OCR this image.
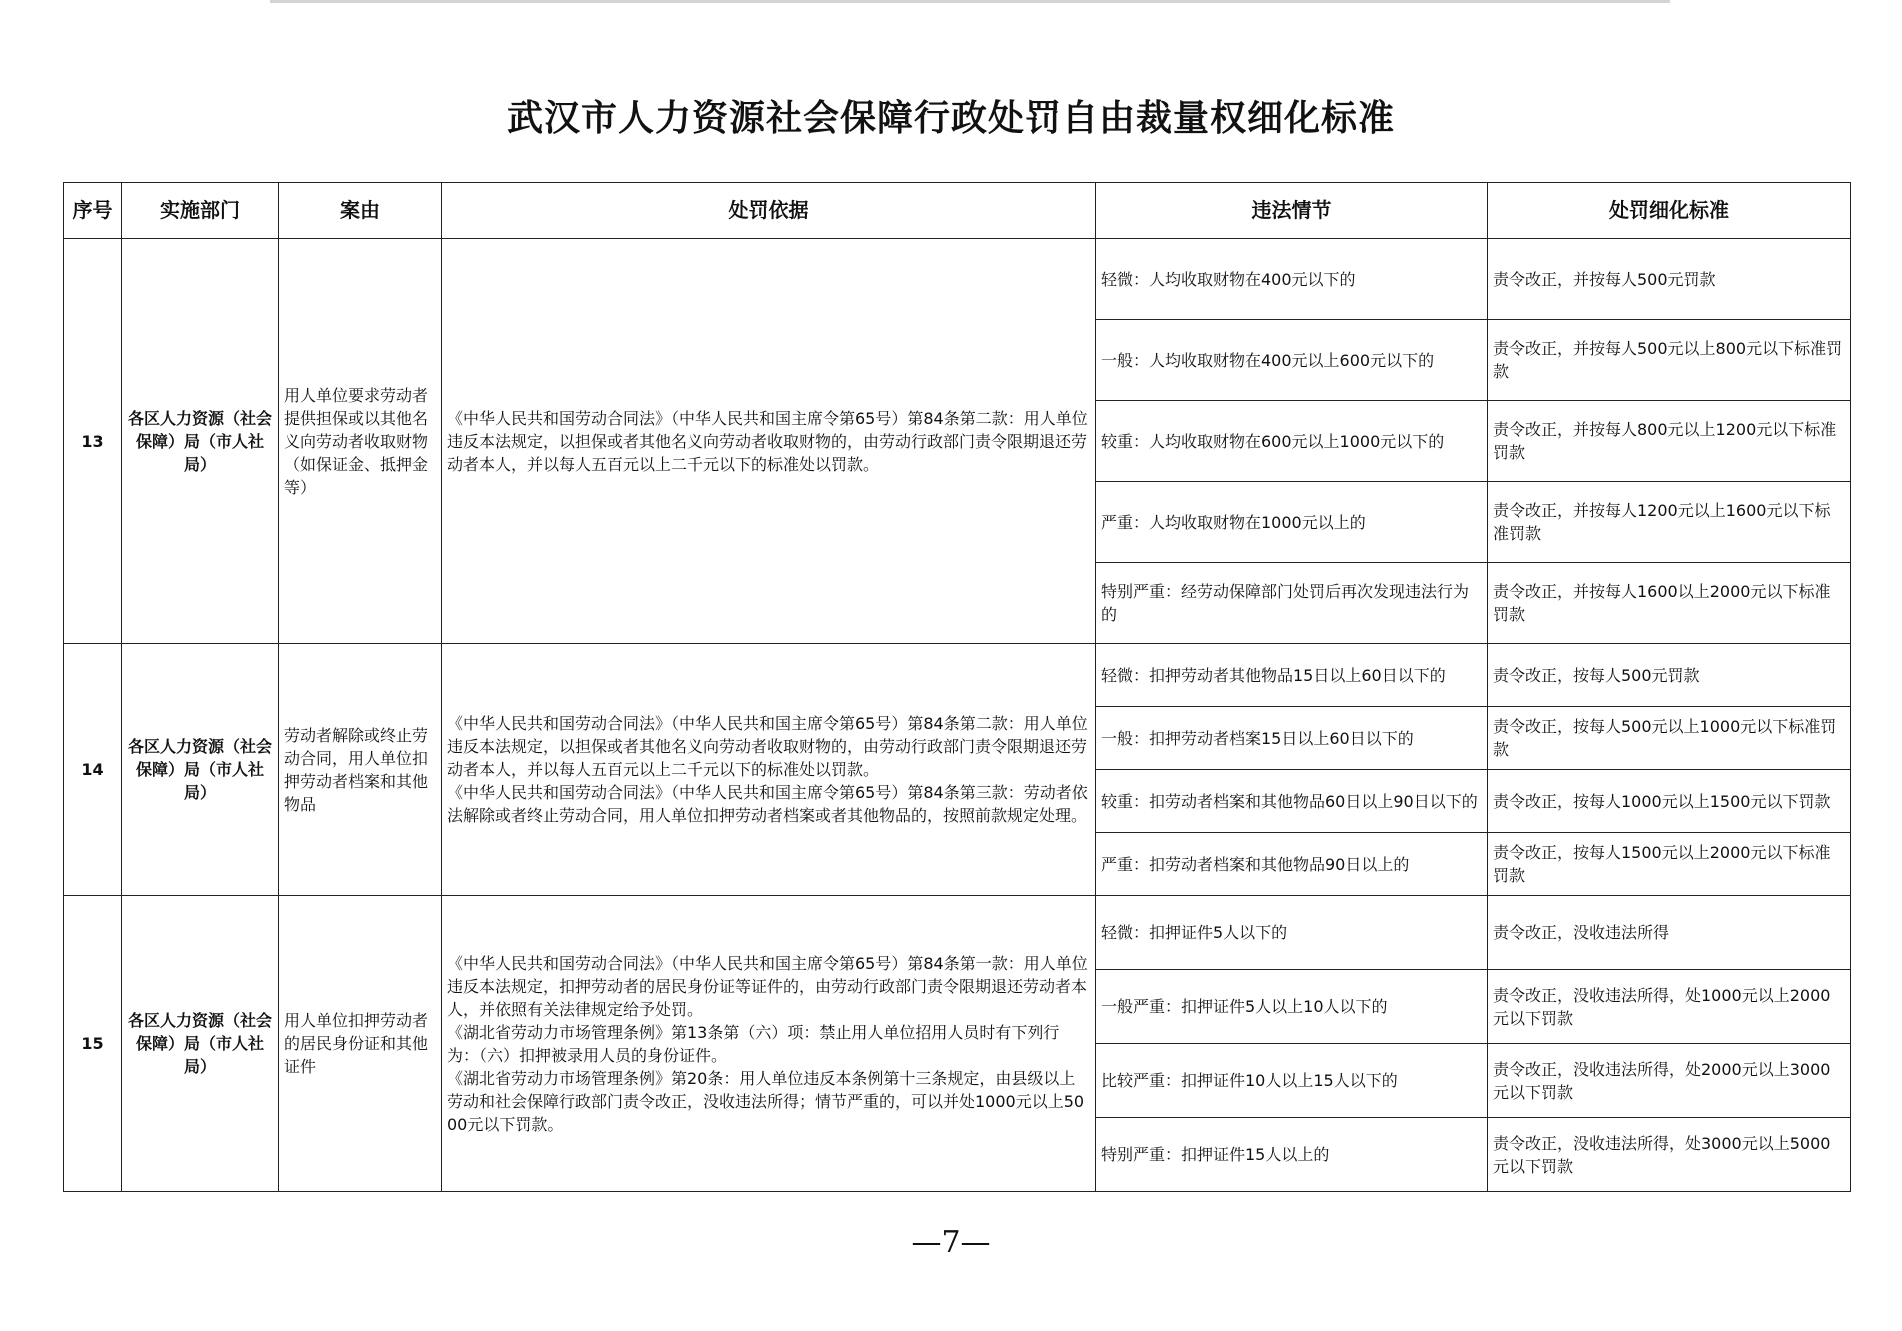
武汉市人力资源社会保障行政处罚自由裁量权细化标准
序号	实施部门	案由	处罚依据	违法情节	处罚细化标准
13	各区人力资源（社会保障）局（市人社局）	用人单位要求劳动者提供担保或以其他名义向劳动者收取财物（如保证金、抵押金等）	《中华人民共和国劳动合同法》（中华人民共和国主席令第65号）第84条第二款：用人单位违反本法规定，以担保或者其他名义向劳动者收取财物的，由劳动行政部门责令限期退还劳动者本人，并以每人五百元以上二千元以下的标准处以罚款。	轻微：人均收取财物在400元以下的	责令改正，并按每人500元罚款
				一般：人均收取财物在400元以上600元以下的	责令改正，并按每人500元以上800元以下标准罚款
				较重：人均收取财物在600元以上1000元以下的	责令改正，并按每人800元以上1200元以下标准罚款
				严重：人均收取财物在1000元以上的	责令改正，并按每人1200元以上1600元以下标准罚款
				特别严重：经劳动保障部门处罚后再次发现违法行为的	责令改正，并按每人1600以上2000元以下标准罚款
14	各区人力资源（社会保障）局（市人社局）	劳动者解除或终止劳动合同，用人单位扣押劳动者档案和其他物品	《中华人民共和国劳动合同法》（中华人民共和国主席令第65号）第84条第二款：用人单位违反本法规定，以担保或者其他名义向劳动者收取财物的，由劳动行政部门责令限期退还劳动者本人，并以每人五百元以上二千元以下的标准处以罚款。
《中华人民共和国劳动合同法》（中华人民共和国主席令第65号）第84条第三款：劳动者依法解除或者终止劳动合同，用人单位扣押劳动者档案或者其他物品的，按照前款规定处理。	轻微：扣押劳动者其他物品15日以上60日以下的	责令改正，按每人500元罚款
				一般：扣押劳动者档案15日以上60日以下的	责令改正，按每人500元以上1000元以下标准罚款
				较重：扣劳动者档案和其他物品60日以上90日以下的	责令改正，按每人1000元以上1500元以下罚款
				严重：扣劳动者档案和其他物品90日以上的	责令改正，按每人1500元以上2000元以下标准罚款
15	各区人力资源（社会保障）局（市人社局）	用人单位扣押劳动者的居民身份证和其他证件	《中华人民共和国劳动合同法》（中华人民共和国主席令第65号）第84条第一款：用人单位违反本法规定，扣押劳动者的居民身份证等证件的，由劳动行政部门责令限期退还劳动者本人，并依照有关法律规定给予处罚。
《湖北省劳动力市场管理条例》第13条第（六）项：禁止用人单位招用人员时有下列行为：（六）扣押被录用人员的身份证件。
《湖北省劳动力市场管理条例》第20条：用人单位违反本条例第十三条规定，由县级以上劳动和社会保障行政部门责令改正，没收违法所得；情节严重的，可以并处1000元以上5000元以下罚款。	轻微：扣押证件5人以下的	责令改正，没收违法所得
				一般严重：扣押证件5人以上10人以下的	责令改正，没收违法所得，处1000元以上2000元以下罚款
				比较严重：扣押证件10人以上15人以下的	责令改正，没收违法所得，处2000元以上3000元以下罚款
				特别严重：扣押证件15人以上的	责令改正，没收违法所得，处3000元以上5000元以下罚款
—7—
